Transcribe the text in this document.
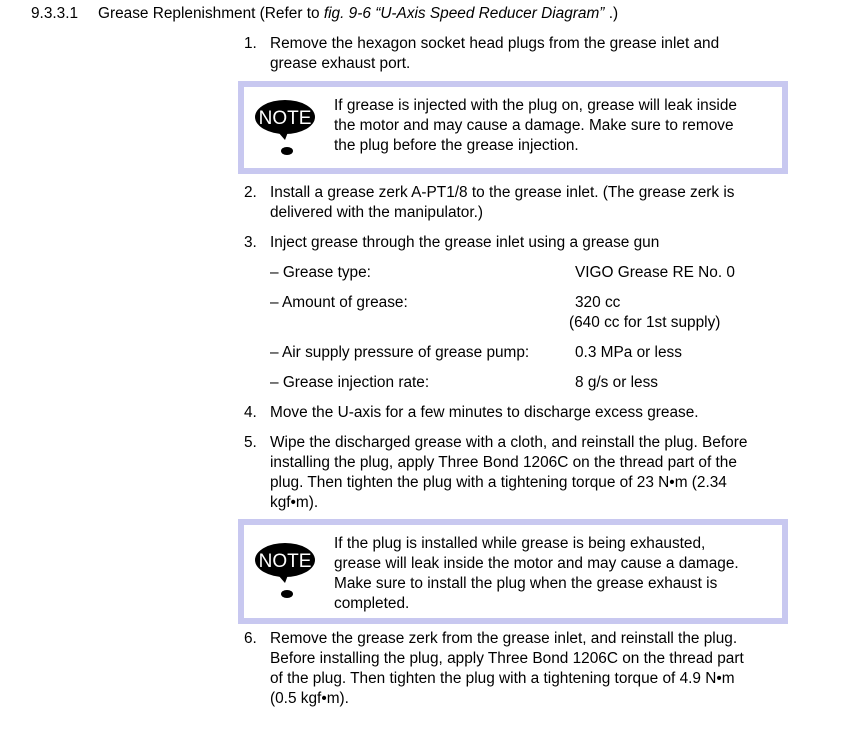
9.3.3.1 Grease Replenishment (Refer to fig. 9-6 “U-Axis Speed Reducer Diagram” .)
1. Remove the hexagon socket head plugs from the grease inlet and
grease exhaust port.
NOTE
If grease is injected with the plug on, grease will leak inside
the motor and may cause a damage. Make sure to remove
the plug before the grease injection.
2. Install a grease zerk A-PT1/8 to the grease inlet. (The grease zerk is
delivered with the manipulator.)
3. Inject grease through the grease inlet using a grease gun
– Grease type:	VIGO Grease RE No. 0
– Amount of grease:	320 cc
(640 cc for 1st supply)
– Air supply pressure of grease pump:	0.3 MPa or less
– Grease injection rate:	8 g/s or less
4. Move the U-axis for a few minutes to discharge excess grease.
5. Wipe the discharged grease with a cloth, and reinstall the plug. Before
installing the plug, apply Three Bond 1206C on the thread part of the
plug. Then tighten the plug with a tightening torque of 23 N•m (2.34
kgf•m).
NOTE
If the plug is installed while grease is being exhausted,
grease will leak inside the motor and may cause a damage.
Make sure to install the plug when the grease exhaust is
completed.
6. Remove the grease zerk from the grease inlet, and reinstall the plug.
Before installing the plug, apply Three Bond 1206C on the thread part
of the plug. Then tighten the plug with a tightening torque of 4.9 N•m
(0.5 kgf•m).
